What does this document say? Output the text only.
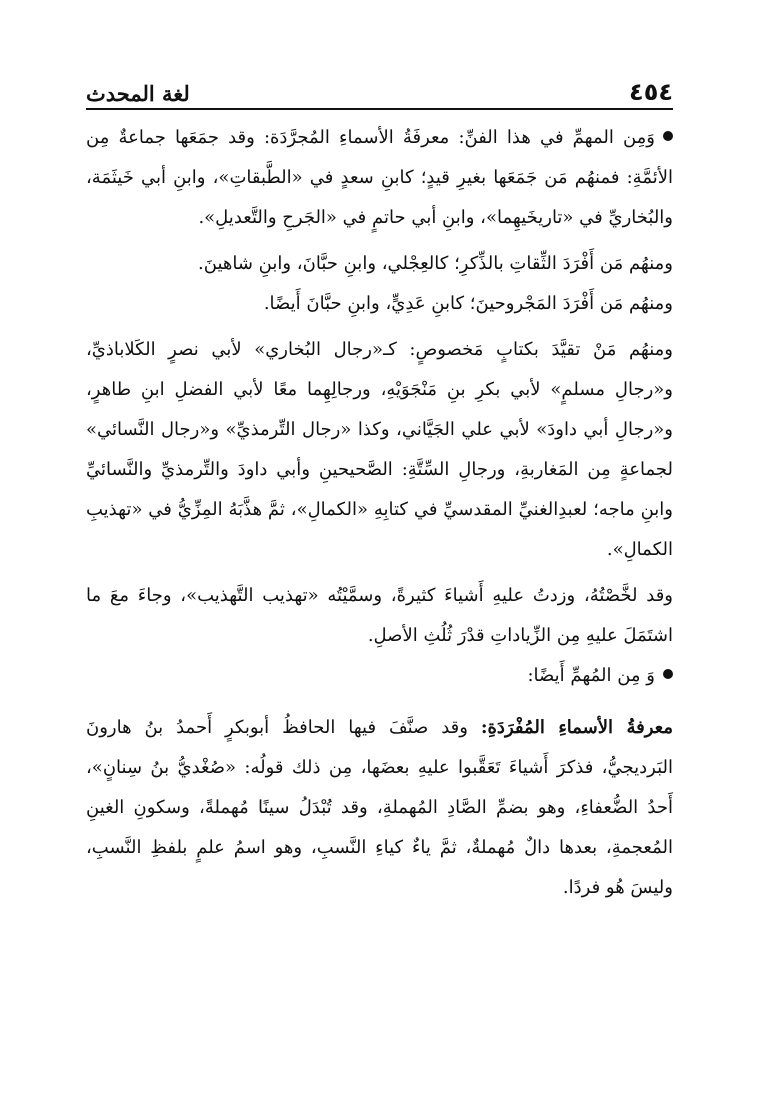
٤٥٤
لغة المحدث

وَمِن المهمِّ في هذا الفنِّ: معرفَةُ الأسماءِ المُجرَّدَة: وقد جمَعَها جماعةٌ مِن الأئمَّةِ: فمنهُم مَن جَمَعَها بغيرِ قيدٍ؛ كابنِ سعدٍ في «الطَّبقاتِ»، وابنِ أبي خَيثَمَة، والبُخاريِّ في «تاريخَيهِما»، وابنِ أبي حاتمٍ في «الجَرحِ والتَّعديلِ».

ومنهُم مَن أَفْرَدَ الثِّقاتِ بالذِّكرِ؛ كالعِجْلي، وابنِ حبَّانَ، وابنِ شاهينَ.

ومنهُم مَن أَفْرَدَ المَجْروحينَ؛ كابنِ عَدِيٍّ، وابنِ حبَّانَ أَيضًا.

ومنهُم مَنْ تقيَّدَ بكتابٍ مَخصوصٍ: كـ«رجال البُخاري» لأبي نصرٍ الكَلاباذيِّ، و«رجالِ مسلمٍ» لأبي بكرِ بنِ مَنْجَوَيْهِ، ورجالِهِما معًا لأبي الفضلِ ابنِ طاهرٍ، و«رجالِ أبي داودَ» لأبي علي الجَيَّاني، وكذا «رجال التِّرمذيِّ» و«رجال النَّسائي» لجماعةٍ مِن المَغاربةِ، ورجالِ السِّتَّةِ: الصَّحيحينِ وأبي داودَ والتِّرمذيِّ والنَّسائيِّ وابنِ ماجه؛ لعبدِالغنيِّ المقدسيِّ في كتابِهِ «الكمالِ»، ثمَّ هذَّبَهُ المِزِّيُّ في «تهذيبِ الكمالِ».

وقد لخَّصْتُهُ، وزدتُ عليهِ أَشياءَ كثيرةً، وسمَّيْتُه «تهذيب التَّهذيب»، وجاءَ معَ ما اشتَمَلَ عليهِ مِن الزِّياداتِ قدْرَ ثُلُثِ الأصلِ.

وَ مِن المُهمِّ أَيضًا:

معرفةُ الأسماءِ المُفْرَدَةِ: وقد صنَّفَ فيها الحافظُ أبوبكرٍ أَحمدُ بنُ هارونَ البَرديجيُّ، فذكرَ أَشياءَ تَعَقَّبوا عليهِ بعضَها، مِن ذلك قولُه: «صُغْديُّ بنُ سِنانٍ»، أَحدُ الضُّعفاءِ، وهو بضمِّ الصَّادِ المُهملةِ، وقد تُبْدَلُ سينًا مُهملةً، وسكونِ الغينِ المُعجمةِ، بعدها دالٌ مُهملةٌ، ثمَّ ياءٌ كياءِ النَّسبِ، وهو اسمُ علمٍ بلفظِ النَّسبِ، وليسَ هُو فردًا.
